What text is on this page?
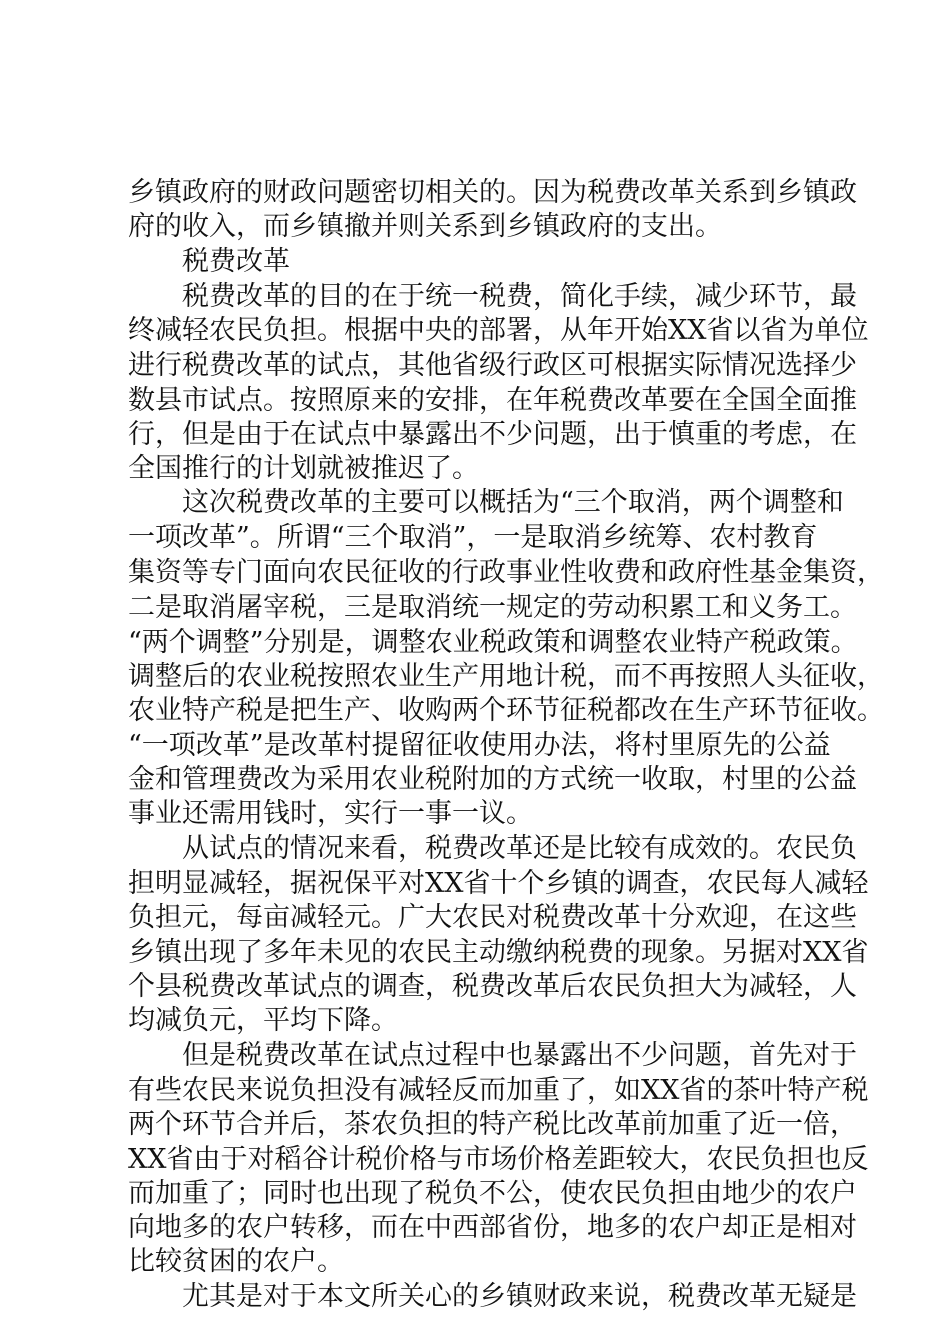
乡镇政府的财政问题密切相关的。因为税费改革关系到乡镇政
府的收入，而乡镇撤并则关系到乡镇政府的支出。
税费改革
税费改革的目的在于统一税费，简化手续，减少环节，最
终减轻农民负担。根据中央的部署，从年开始XX省以省为单位
进行税费改革的试点，其他省级行政区可根据实际情况选择少
数县市试点。按照原来的安排，在年税费改革要在全国全面推
行，但是由于在试点中暴露出不少问题，出于慎重的考虑，在
全国推行的计划就被推迟了。
这次税费改革的主要可以概括为“三个取消，两个调整和
一项改革”。所谓“三个取消”，一是取消乡统筹、农村教育
集资等专门面向农民征收的行政事业性收费和政府性基金集资，
二是取消屠宰税，三是取消统一规定的劳动积累工和义务工。
“两个调整”分别是，调整农业税政策和调整农业特产税政策。
调整后的农业税按照农业生产用地计税，而不再按照人头征收，
农业特产税是把生产、收购两个环节征税都改在生产环节征收。
“一项改革”是改革村提留征收使用办法，将村里原先的公益
金和管理费改为采用农业税附加的方式统一收取，村里的公益
事业还需用钱时，实行一事一议。
从试点的情况来看，税费改革还是比较有成效的。农民负
担明显减轻，据祝保平对XX省十个乡镇的调查，农民每人减轻
负担元，每亩减轻元。广大农民对税费改革十分欢迎，在这些
乡镇出现了多年未见的农民主动缴纳税费的现象。另据对XX省
个县税费改革试点的调查，税费改革后农民负担大为减轻，人
均减负元，平均下降。
但是税费改革在试点过程中也暴露出不少问题，首先对于
有些农民来说负担没有减轻反而加重了，如XX省的茶叶特产税
两个环节合并后，茶农负担的特产税比改革前加重了近一倍，
XX省由于对稻谷计税价格与市场价格差距较大，农民负担也反
而加重了；同时也出现了税负不公，使农民负担由地少的农户
向地多的农户转移，而在中西部省份，地多的农户却正是相对
比较贫困的农户。
尤其是对于本文所关心的乡镇财政来说，税费改革无疑是
